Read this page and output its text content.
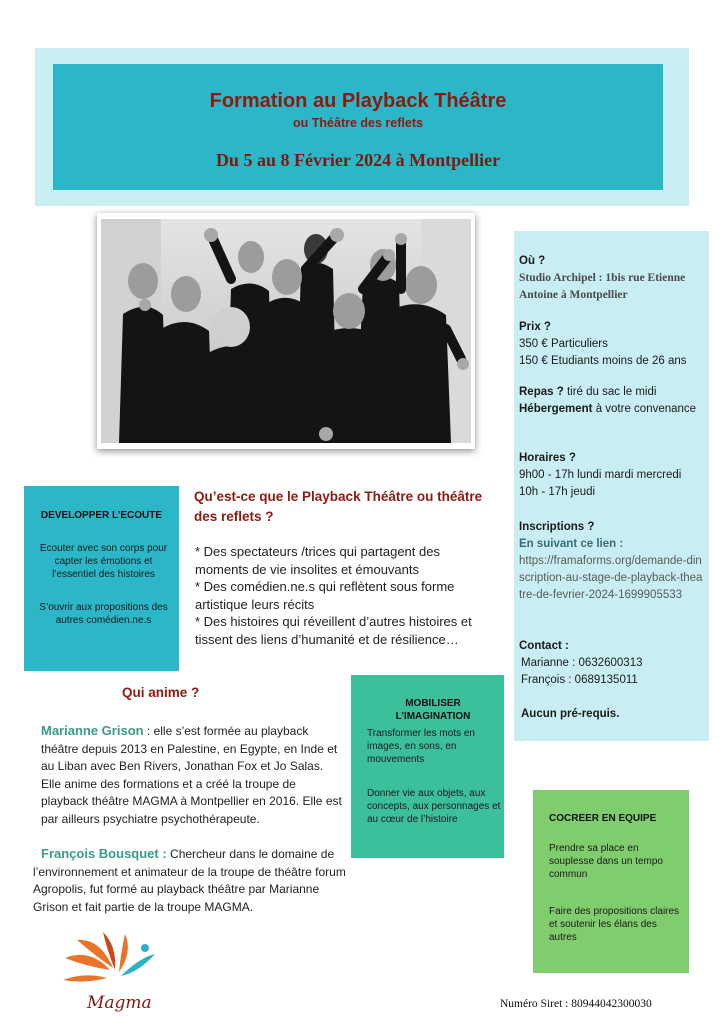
Formation au Playback Théâtre
ou Théâtre des reflets
Du 5 au 8 Février 2024 à Montpellier
Où ?
Studio Archipel : 1bis rue Etienne Antoine à Montpellier
Prix ?
350 € Particuliers
150 € Etudiants moins de 26 ans
Repas ? tiré du sac le midi
Hébergement à votre convenance
Horaires ?
9h00 - 17h lundi mardi mercredi
10h - 17h jeudi
Inscriptions ?
En suivant ce lien :
https://framaforms.org/demande-dinscription-au-stage-de-playback-theatre-de-fevrier-2024-1699905533
Contact :
Marianne : 0632600313
François : 0689135011
Aucun pré-requis.
DEVELOPPER L’ECOUTE
Ecouter avec son corps pour capter les émotions et l’essentiel des histoires
S’ouvrir aux propositions des autres comédien.ne.s
Qu’est-ce que le Playback Théâtre ou théâtre des reflets ?
* Des spectateurs /trices qui partagent des moments de vie insolites et émouvants
* Des comédien.ne.s qui reflètent sous forme artistique leurs récits
* Des histoires qui réveillent d’autres histoires et tissent des liens d’humanité et de résilience…
MOBILISER L’IMAGINATION
Transformer les mots en images, en sons, en mouvements
Donner vie aux objets, aux concepts, aux personnages et au cœur de l’histoire
Qui anime ?
Marianne Grison : elle s’est formée au playback théâtre depuis 2013 en Palestine, en Egypte, en Inde et au Liban avec Ben Rivers, Jonathan Fox et Jo Salas. Elle anime des formations et a créé la troupe de playback théâtre MAGMA à Montpellier en 2016. Elle est par ailleurs psychiatre psychothérapeute.
François Bousquet : Chercheur dans le domaine de l’environnement et animateur de la troupe de théâtre forum Agropolis, fut formé au playback théâtre par Marianne Grison et fait partie de la troupe MAGMA.
COCREER EN EQUIPE
Prendre sa place en souplesse dans un tempo commun
Faire des propositions claires et soutenir les élans des autres
Magma	Numéro Siret : 80944042300030
